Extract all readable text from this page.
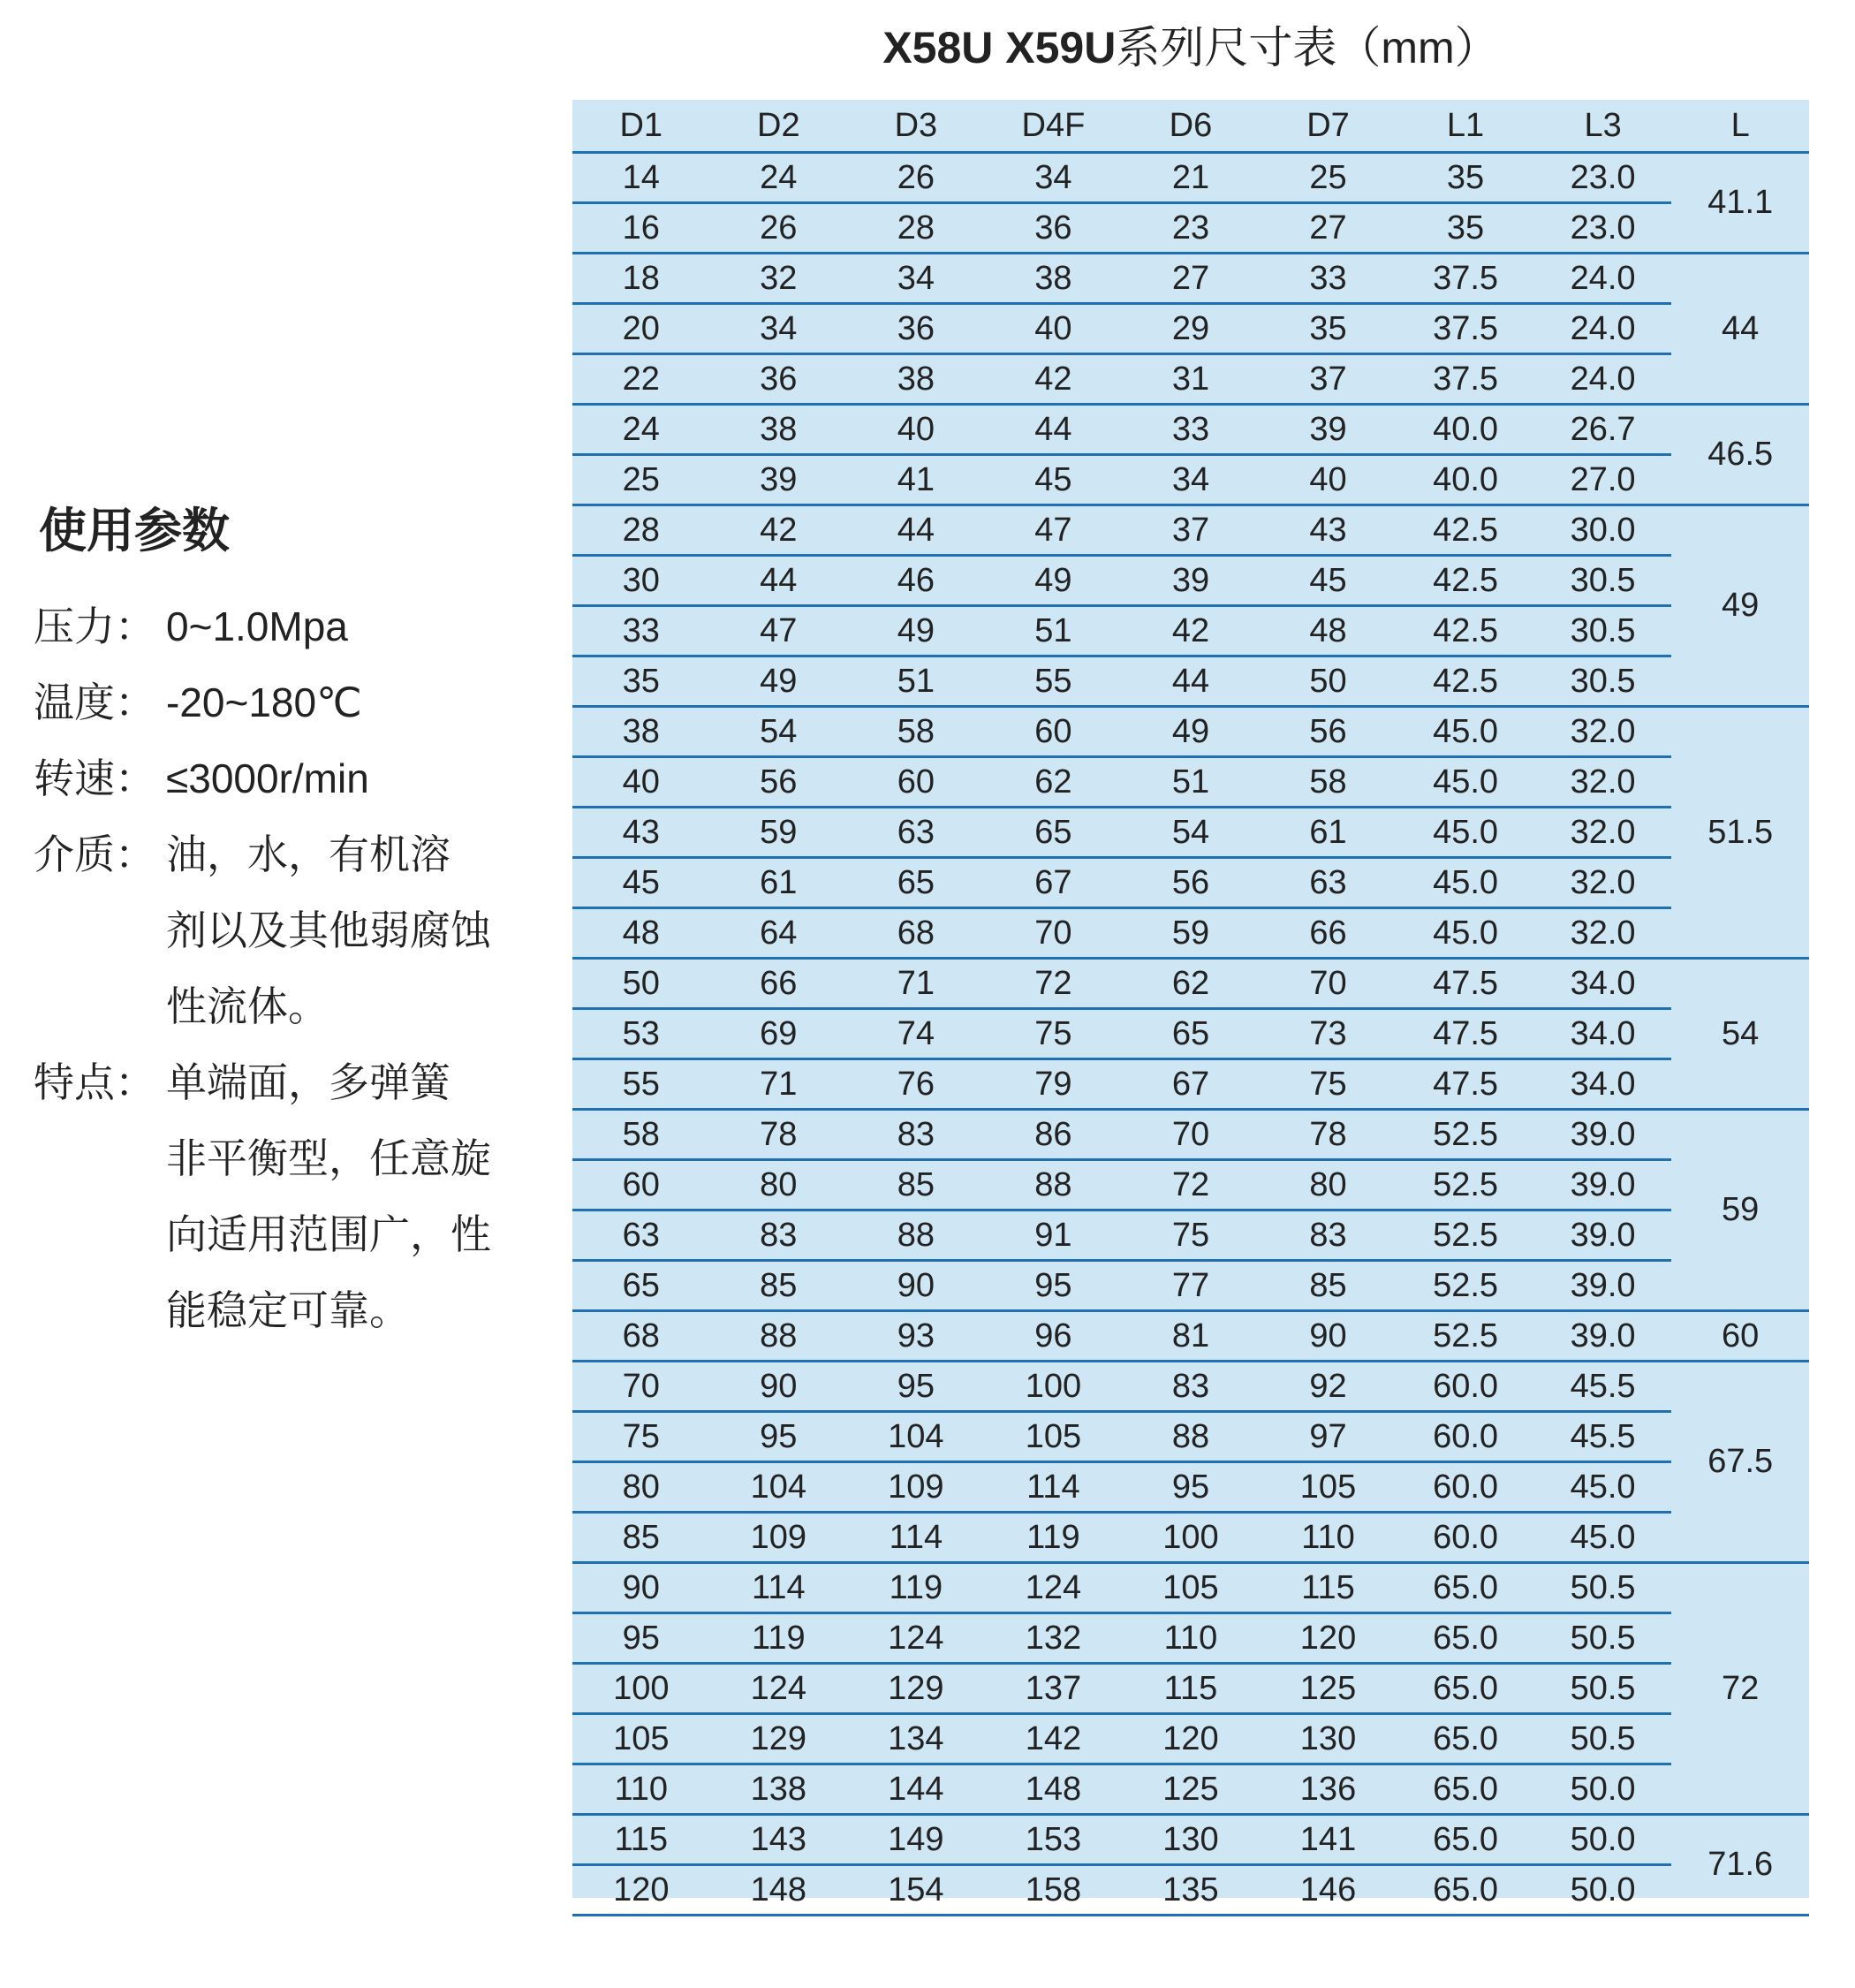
X58U X59U系列尺寸表（mm）
使用参数
压力： 0~1.0Mpa
温度： -20~180℃
转速： ≤3000r/min
介质： 油，水，有机溶
剂以及其他弱腐蚀
性流体。
特点： 单端面，多弹簧
非平衡型，任意旋
向适用范围广，性
能稳定可靠。
D1	D2	D3	D4F	D6	D7	L1	L3	L
14	24	26	34	21	25	35	23.0	41.1
16	26	28	36	23	27	35	23.0	
18	32	34	38	27	33	37.5	24.0	44
20	34	36	40	29	35	37.5	24.0	
22	36	38	42	31	37	37.5	24.0	
24	38	40	44	33	39	40.0	26.7	46.5
25	39	41	45	34	40	40.0	27.0	
28	42	44	47	37	43	42.5	30.0	49
30	44	46	49	39	45	42.5	30.5	
33	47	49	51	42	48	42.5	30.5	
35	49	51	55	44	50	42.5	30.5	
38	54	58	60	49	56	45.0	32.0	51.5
40	56	60	62	51	58	45.0	32.0	
43	59	63	65	54	61	45.0	32.0	
45	61	65	67	56	63	45.0	32.0	
48	64	68	70	59	66	45.0	32.0	
50	66	71	72	62	70	47.5	34.0	54
53	69	74	75	65	73	47.5	34.0	
55	71	76	79	67	75	47.5	34.0	
58	78	83	86	70	78	52.5	39.0	59
60	80	85	88	72	80	52.5	39.0	
63	83	88	91	75	83	52.5	39.0	
65	85	90	95	77	85	52.5	39.0	
68	88	93	96	81	90	52.5	39.0	60
70	90	95	100	83	92	60.0	45.5	67.5
75	95	104	105	88	97	60.0	45.5	
80	104	109	114	95	105	60.0	45.0	
85	109	114	119	100	110	60.0	45.0	
90	114	119	124	105	115	65.0	50.5	72
95	119	124	132	110	120	65.0	50.5	
100	124	129	137	115	125	65.0	50.5	
105	129	134	142	120	130	65.0	50.5	
110	138	144	148	125	136	65.0	50.0	
115	143	149	153	130	141	65.0	50.0	71.6
120	148	154	158	135	146	65.0	50.0	
